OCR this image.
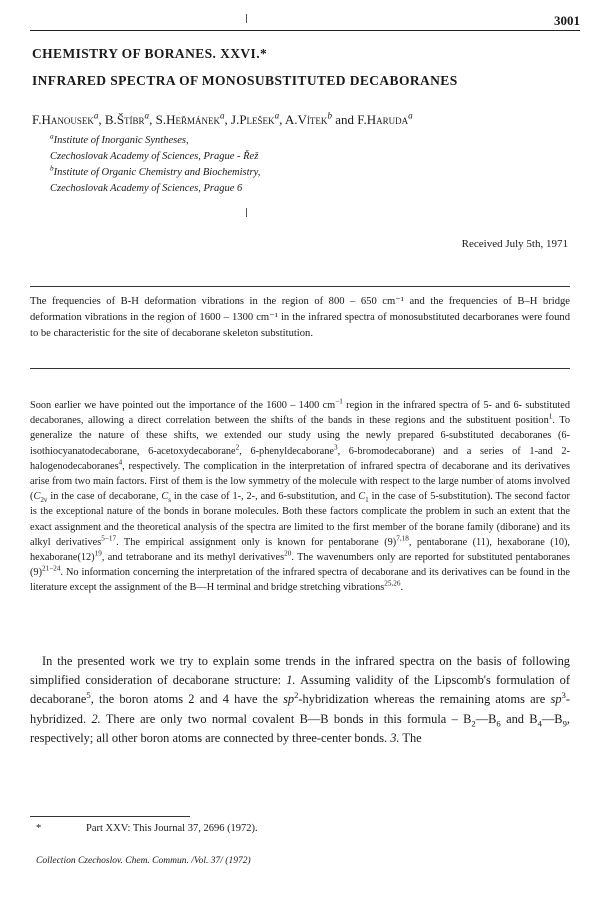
3001
CHEMISTRY OF BORANES. XXVI.*
INFRARED SPECTRA OF MONOSUBSTITUTED DECABORANES
F.Hanousek$^a$, B.Štíbr$^a$, S.Heřmánek$^a$, J.Plešek$^a$, A.Vítek$^b$ and F.Haruda$^a$
$^a$Institute of Inorganic Syntheses,
Czechoslovak Academy of Sciences, Prague - Řež
$^b$Institute of Organic Chemistry and Biochemistry,
Czechoslovak Academy of Sciences, Prague 6
Received July 5th, 1971

The frequencies of B-H deformation vibrations in the region of 800 – 650 cm⁻¹ and the frequencies of B–H bridge deformation vibrations in the region of 1600 – 1300 cm⁻¹ in the infrared spectra of monosubstituted decarboranes were found to be characteristic for the site of decaborane skeleton substitution.

Soon earlier we have pointed out the importance of the 1600 – 1400 $cm^{-1}$ region in the infrared spectra of 5- and 6- substituted decaboranes, allowing a direct correlation between the shifts of the bands in these regions and the substituent position$^1$. To generalize the nature of these shifts, we extended our study using the newly prepared 6-substituted decaboranes (6-isothiocyanatodecaborane, 6-acetoxydecaborane$^2$, 6-phenyldecaborane$^3$, 6-bromodecaborane) and a series of 1-and 2-halogenodecaboranes$^4$, respectively. The complication in the interpretation of infrared spectra of decaborane and its derivatives arise from two main factors. First of them is the low symmetry of the molecule with respect to the large number of atoms involved ($C_{2v}$ in the case of decaborane, $C_s$ in the case of 1-, 2-, and 6-substitution, and $C_1$ in the case of 5-substitution). The second factor is the exceptional nature of the bonds in borane molecules. Both these factors complicate the problem in such an extent that the exact assignment and the theoretical analysis of the spectra are limited to the first member of the borane family (diborane) and its alkyl derivatives$^{5-17}$. The empirical assignment only is known for pentaborane $(9)^{7,18}$, pentaborane (11), hexaborane (10), $hexaborane(12)^{19}$, and tetraborane and its methyl derivatives$^{20}$. The wavenumbers only are reported for substituted pentaboranes $(9)^{21-24}$. No information concerning the interpretation of the infrared spectra of decaborane and its derivatives can be found in the literature except the assignment of the B—H terminal and bridge stretching vibrations$^{25,26}$.

In the presented work we try to explain some trends in the infrared spectra on the basis of following simplified consideration of decaborane structure: 1. Assuming validity of the Lipscomb's formulation of decaborane$^5$, the boron atoms 2 and 4 have the $sp^2$-hybridization whereas the remaining atoms are $sp^3$-hybridized. 2. There are only two normal covalent B—B bonds in this formula – $B_2—B_6$ and $B_4—B_9$, respectively; all other boron atoms are connected by three-center bonds. 3. The

*	Part XXV: This Journal 37, 2696 (1972).
Collection Czechoslov. Chem. Commun. /Vol. 37/ (1972)
